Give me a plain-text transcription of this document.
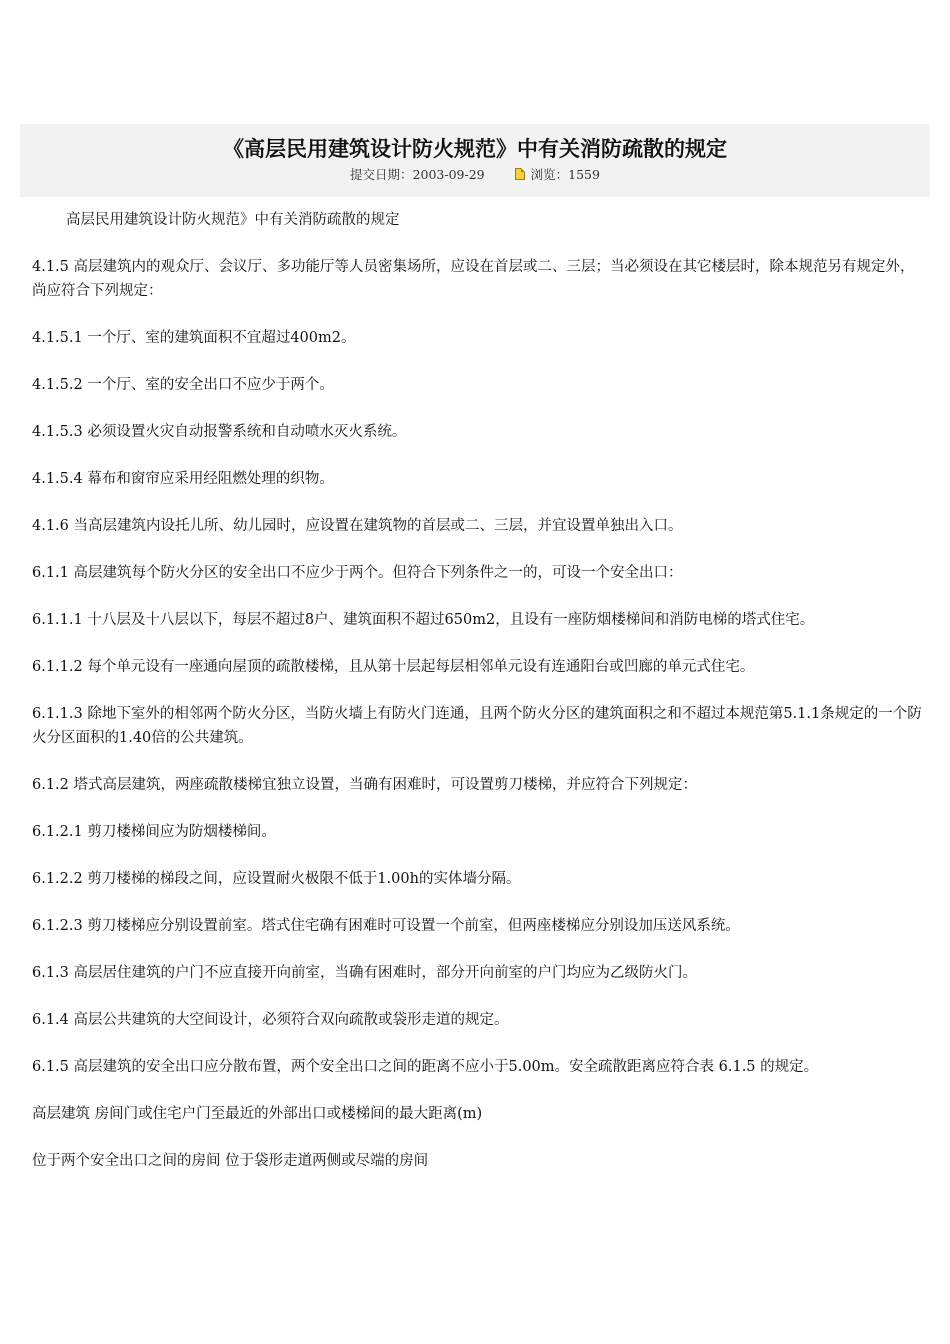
《高层民用建筑设计防火规范》中有关消防疏散的规定
提交日期：2003-09-29	浏览：1559

高层民用建筑设计防火规范》中有关消防疏散的规定

4.1.5 高层建筑内的观众厅、会议厅、多功能厅等人员密集场所，应设在首层或二、三层；当必须设在其它楼层时，除本规范另有规定外，尚应符合下列规定：

4.1.5.1 一个厅、室的建筑面积不宜超过400m2。

4.1.5.2 一个厅、室的安全出口不应少于两个。

4.1.5.3 必须设置火灾自动报警系统和自动喷水灭火系统。

4.1.5.4 幕布和窗帘应采用经阻燃处理的织物。

4.1.6 当高层建筑内设托儿所、幼儿园时，应设置在建筑物的首层或二、三层，并宜设置单独出入口。

6.1.1 高层建筑每个防火分区的安全出口不应少于两个。但符合下列条件之一的，可设一个安全出口：

6.1.1.1 十八层及十八层以下，每层不超过8户、建筑面积不超过650m2，且设有一座防烟楼梯间和消防电梯的塔式住宅。

6.1.1.2 每个单元设有一座通向屋顶的疏散楼梯，且从第十层起每层相邻单元设有连通阳台或凹廊的单元式住宅。

6.1.1.3 除地下室外的相邻两个防火分区，当防火墙上有防火门连通，且两个防火分区的建筑面积之和不超过本规范第5.1.1条规定的一个防火分区面积的1.40倍的公共建筑。

6.1.2 塔式高层建筑，两座疏散楼梯宜独立设置，当确有困难时，可设置剪刀楼梯，并应符合下列规定：

6.1.2.1 剪刀楼梯间应为防烟楼梯间。

6.1.2.2 剪刀楼梯的梯段之间，应设置耐火极限不低于1.00h的实体墙分隔。

6.1.2.3 剪刀楼梯应分别设置前室。塔式住宅确有困难时可设置一个前室，但两座楼梯应分别设加压送风系统。

6.1.3 高层居住建筑的户门不应直接开向前室，当确有困难时，部分开向前室的户门均应为乙级防火门。

6.1.4 高层公共建筑的大空间设计，必须符合双向疏散或袋形走道的规定。

6.1.5 高层建筑的安全出口应分散布置，两个安全出口之间的距离不应小于5.00m。安全疏散距离应符合表 6.1.5 的规定。

高层建筑 房间门或住宅户门至最近的外部出口或楼梯间的最大距离(m)

位于两个安全出口之间的房间 位于袋形走道两侧或尽端的房间
